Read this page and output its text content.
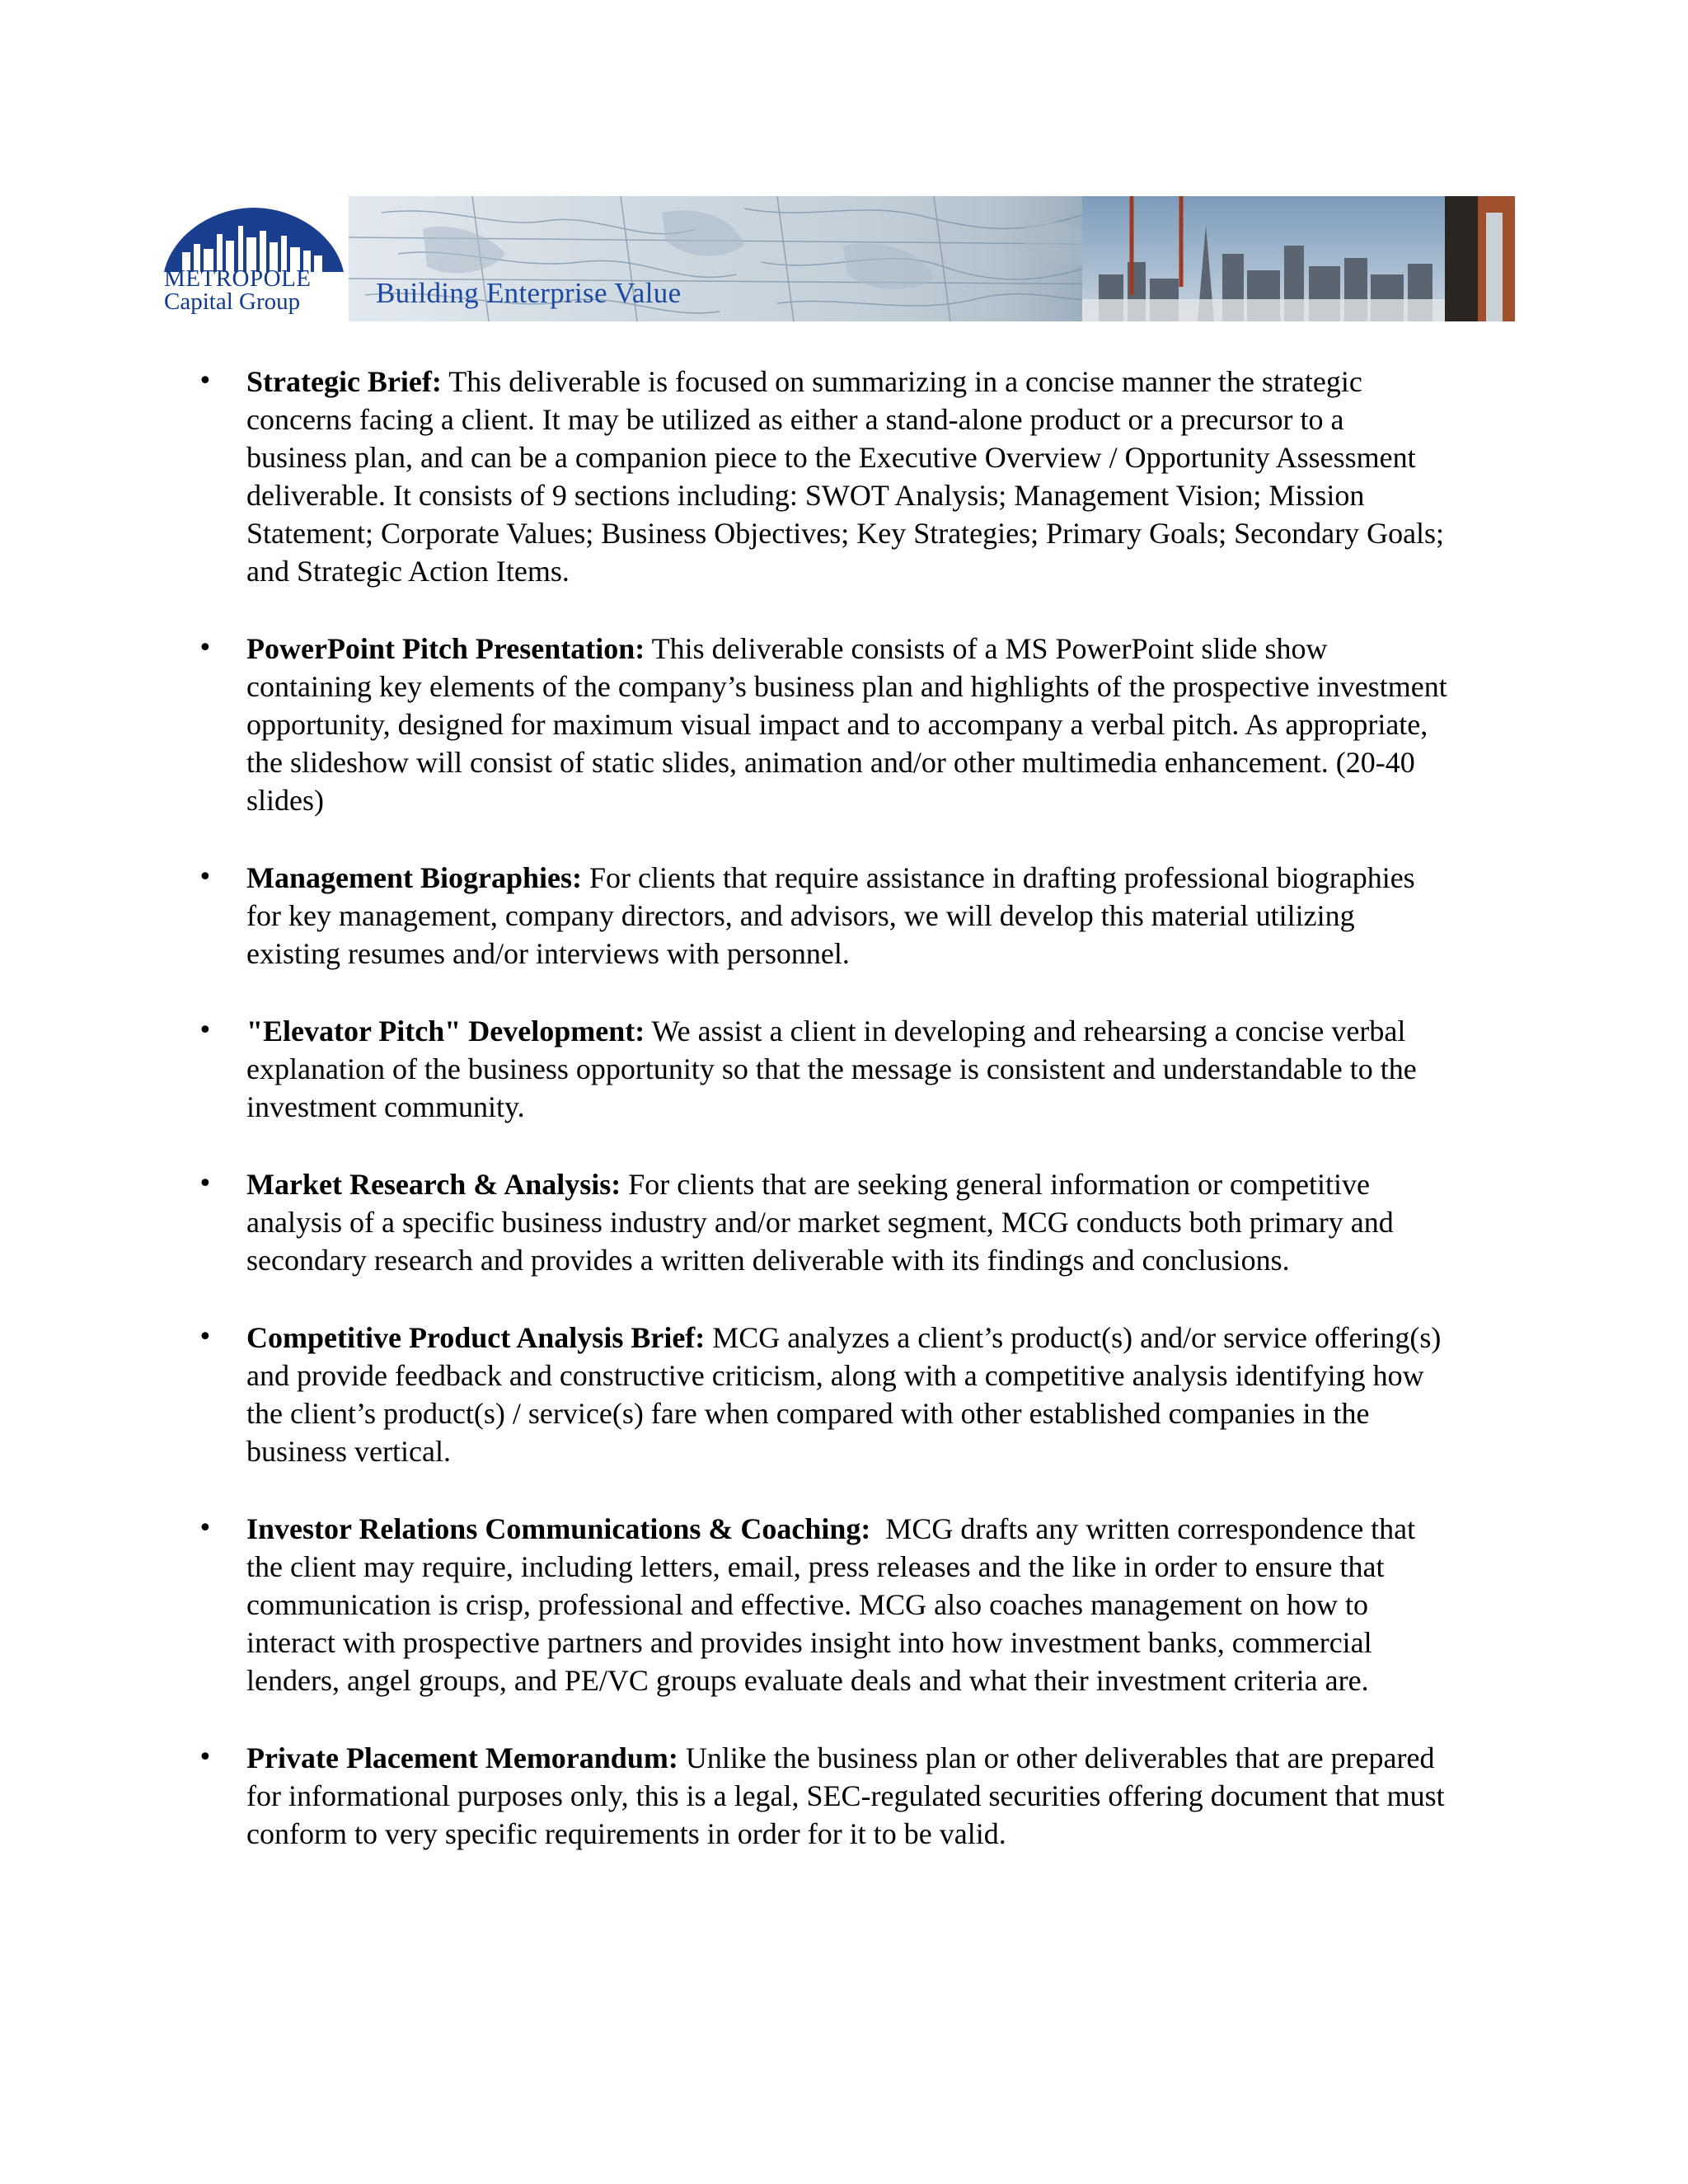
METROPOLE
Capital Group	Building Enterprise Value
• Strategic Brief: This deliverable is focused on summarizing in a concise manner the strategic concerns facing a client. It may be utilized as either a stand-alone product or a precursor to a business plan, and can be a companion piece to the Executive Overview / Opportunity Assessment deliverable. It consists of 9 sections including: SWOT Analysis; Management Vision; Mission Statement; Corporate Values; Business Objectives; Key Strategies; Primary Goals; Secondary Goals; and Strategic Action Items.
• PowerPoint Pitch Presentation: This deliverable consists of a MS PowerPoint slide show containing key elements of the company’s business plan and highlights of the prospective investment opportunity, designed for maximum visual impact and to accompany a verbal pitch. As appropriate, the slideshow will consist of static slides, animation and/or other multimedia enhancement. (20-40 slides)
• Management Biographies: For clients that require assistance in drafting professional biographies for key management, company directors, and advisors, we will develop this material utilizing existing resumes and/or interviews with personnel.
• "Elevator Pitch" Development: We assist a client in developing and rehearsing a concise verbal explanation of the business opportunity so that the message is consistent and understandable to the investment community.
• Market Research & Analysis: For clients that are seeking general information or competitive analysis of a specific business industry and/or market segment, MCG conducts both primary and secondary research and provides a written deliverable with its findings and conclusions.
• Competitive Product Analysis Brief: MCG analyzes a client’s product(s) and/or service offering(s) and provide feedback and constructive criticism, along with a competitive analysis identifying how the client’s product(s) / service(s) fare when compared with other established companies in the business vertical.
• Investor Relations Communications & Coaching:  MCG drafts any written correspondence that the client may require, including letters, email, press releases and the like in order to ensure that communication is crisp, professional and effective. MCG also coaches management on how to interact with prospective partners and provides insight into how investment banks, commercial lenders, angel groups, and PE/VC groups evaluate deals and what their investment criteria are.
• Private Placement Memorandum: Unlike the business plan or other deliverables that are prepared for informational purposes only, this is a legal, SEC-regulated securities offering document that must conform to very specific requirements in order for it to be valid.
